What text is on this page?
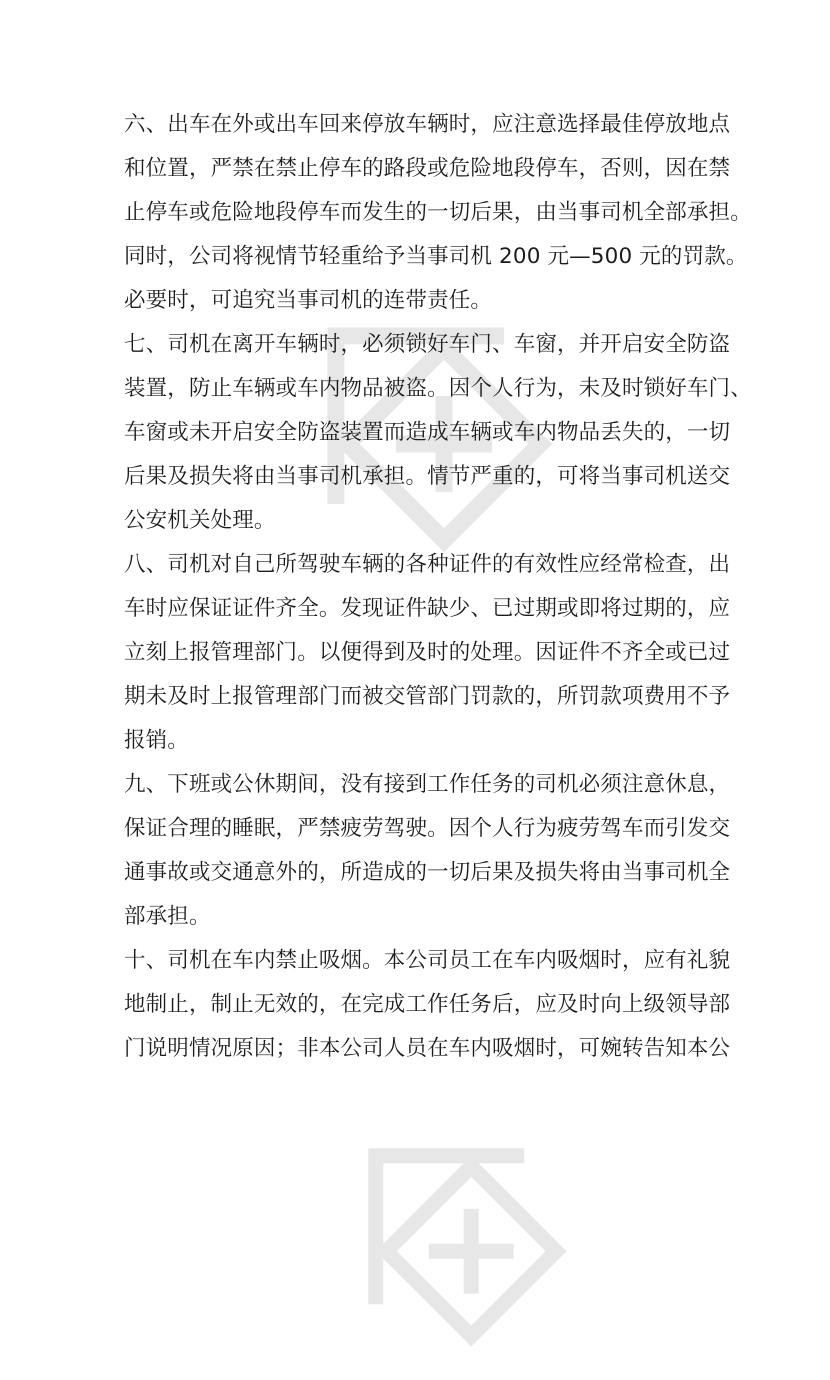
六、出车在外或出车回来停放车辆时，应注意选择最佳停放地点
和位置，严禁在禁止停车的路段或危险地段停车，否则，因在禁
止停车或危险地段停车而发生的一切后果，由当事司机全部承担。
同时，公司将视情节轻重给予当事司机 200 元—500 元的罚款。
必要时，可追究当事司机的连带责任。

七、司机在离开车辆时，必须锁好车门、车窗，并开启安全防盗
装置，防止车辆或车内物品被盗。因个人行为，未及时锁好车门、
车窗或未开启安全防盗装置而造成车辆或车内物品丢失的，一切
后果及损失将由当事司机承担。情节严重的，可将当事司机送交
公安机关处理。

八、司机对自己所驾驶车辆的各种证件的有效性应经常检查，出
车时应保证证件齐全。发现证件缺少、已过期或即将过期的，应
立刻上报管理部门。以便得到及时的处理。因证件不齐全或已过
期未及时上报管理部门而被交管部门罚款的，所罚款项费用不予
报销。

九、下班或公休期间，没有接到工作任务的司机必须注意休息，
保证合理的睡眠，严禁疲劳驾驶。因个人行为疲劳驾车而引发交
通事故或交通意外的，所造成的一切后果及损失将由当事司机全
部承担。

十、司机在车内禁止吸烟。本公司员工在车内吸烟时，应有礼貌
地制止，制止无效的，在完成工作任务后，应及时向上级领导部
门说明情况原因；非本公司人员在车内吸烟时，可婉转告知本公
